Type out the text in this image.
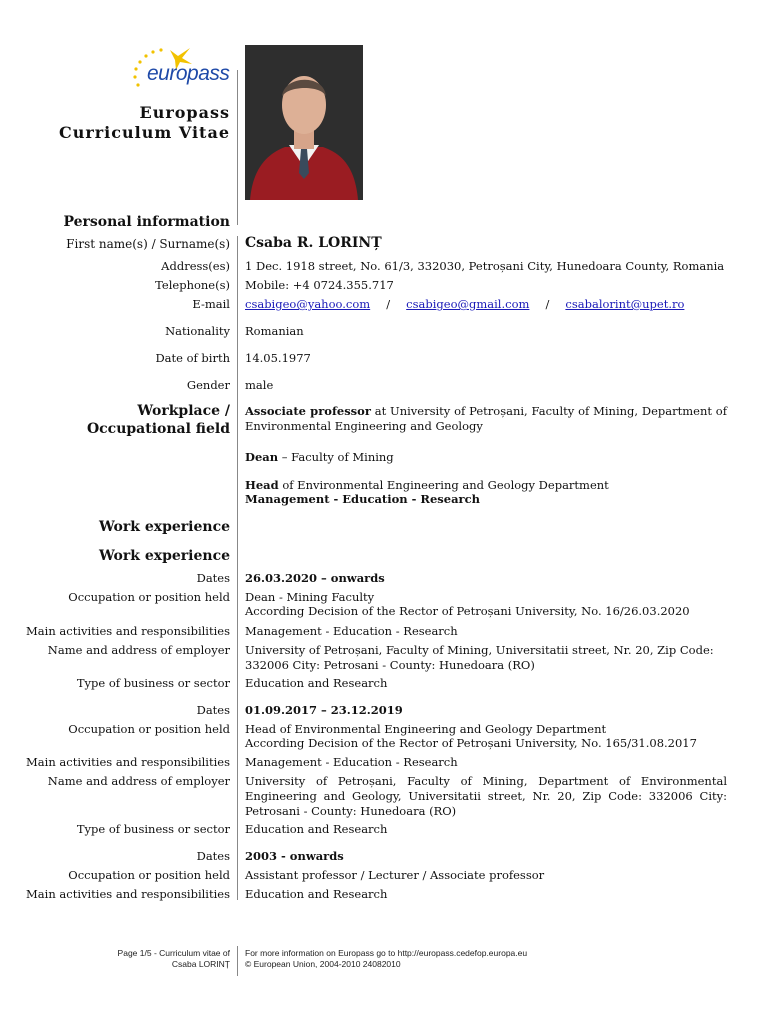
europass
Europass
Curriculum Vitae
Personal information
First name(s) / Surname(s) Csaba R. LORINȚ
Address(es) 1 Dec. 1918 street, No. 61/3, 332030, Petroșani City, Hunedoara County, Romania
Telephone(s) Mobile: +4 0724.355.717
E-mail csabigeo@yahoo.com / csabigeo@gmail.com / csabalorint@upet.ro
Nationality Romanian
Date of birth 14.05.1977
Gender male
Workplace /
Occupational field
Associate professor at University of Petroșani, Faculty of Mining, Department of Environmental Engineering and Geology
Dean – Faculty of Mining
Head of Environmental Engineering and Geology Department
Management - Education - Research
Work experience
Work experience
Dates 26.03.2020 – onwards
Occupation or position held Dean - Mining Faculty
According Decision of the Rector of Petroșani University, No. 16/26.03.2020
Main activities and responsibilities Management - Education - Research
Name and address of employer University of Petroșani, Faculty of Mining, Universitatii street, Nr. 20, Zip Code: 332006 City: Petrosani - County: Hunedoara (RO)
Type of business or sector Education and Research
Dates 01.09.2017 – 23.12.2019
Occupation or position held Head of Environmental Engineering and Geology Department
According Decision of the Rector of Petroșani University, No. 165/31.08.2017
Main activities and responsibilities Management - Education - Research
Name and address of employer University of Petroșani, Faculty of Mining, Department of Environmental Engineering and Geology, Universitatii street, Nr. 20, Zip Code: 332006 City: Petrosani - County: Hunedoara (RO)
Type of business or sector Education and Research
Dates 2003 - onwards
Occupation or position held Assistant professor / Lecturer / Associate professor
Main activities and responsibilities Education and Research
Page 1/5 - Curriculum vitae of
Csaba LORINȚ
For more information on Europass go to http://europass.cedefop.europa.eu
© European Union, 2004-2010 24082010
